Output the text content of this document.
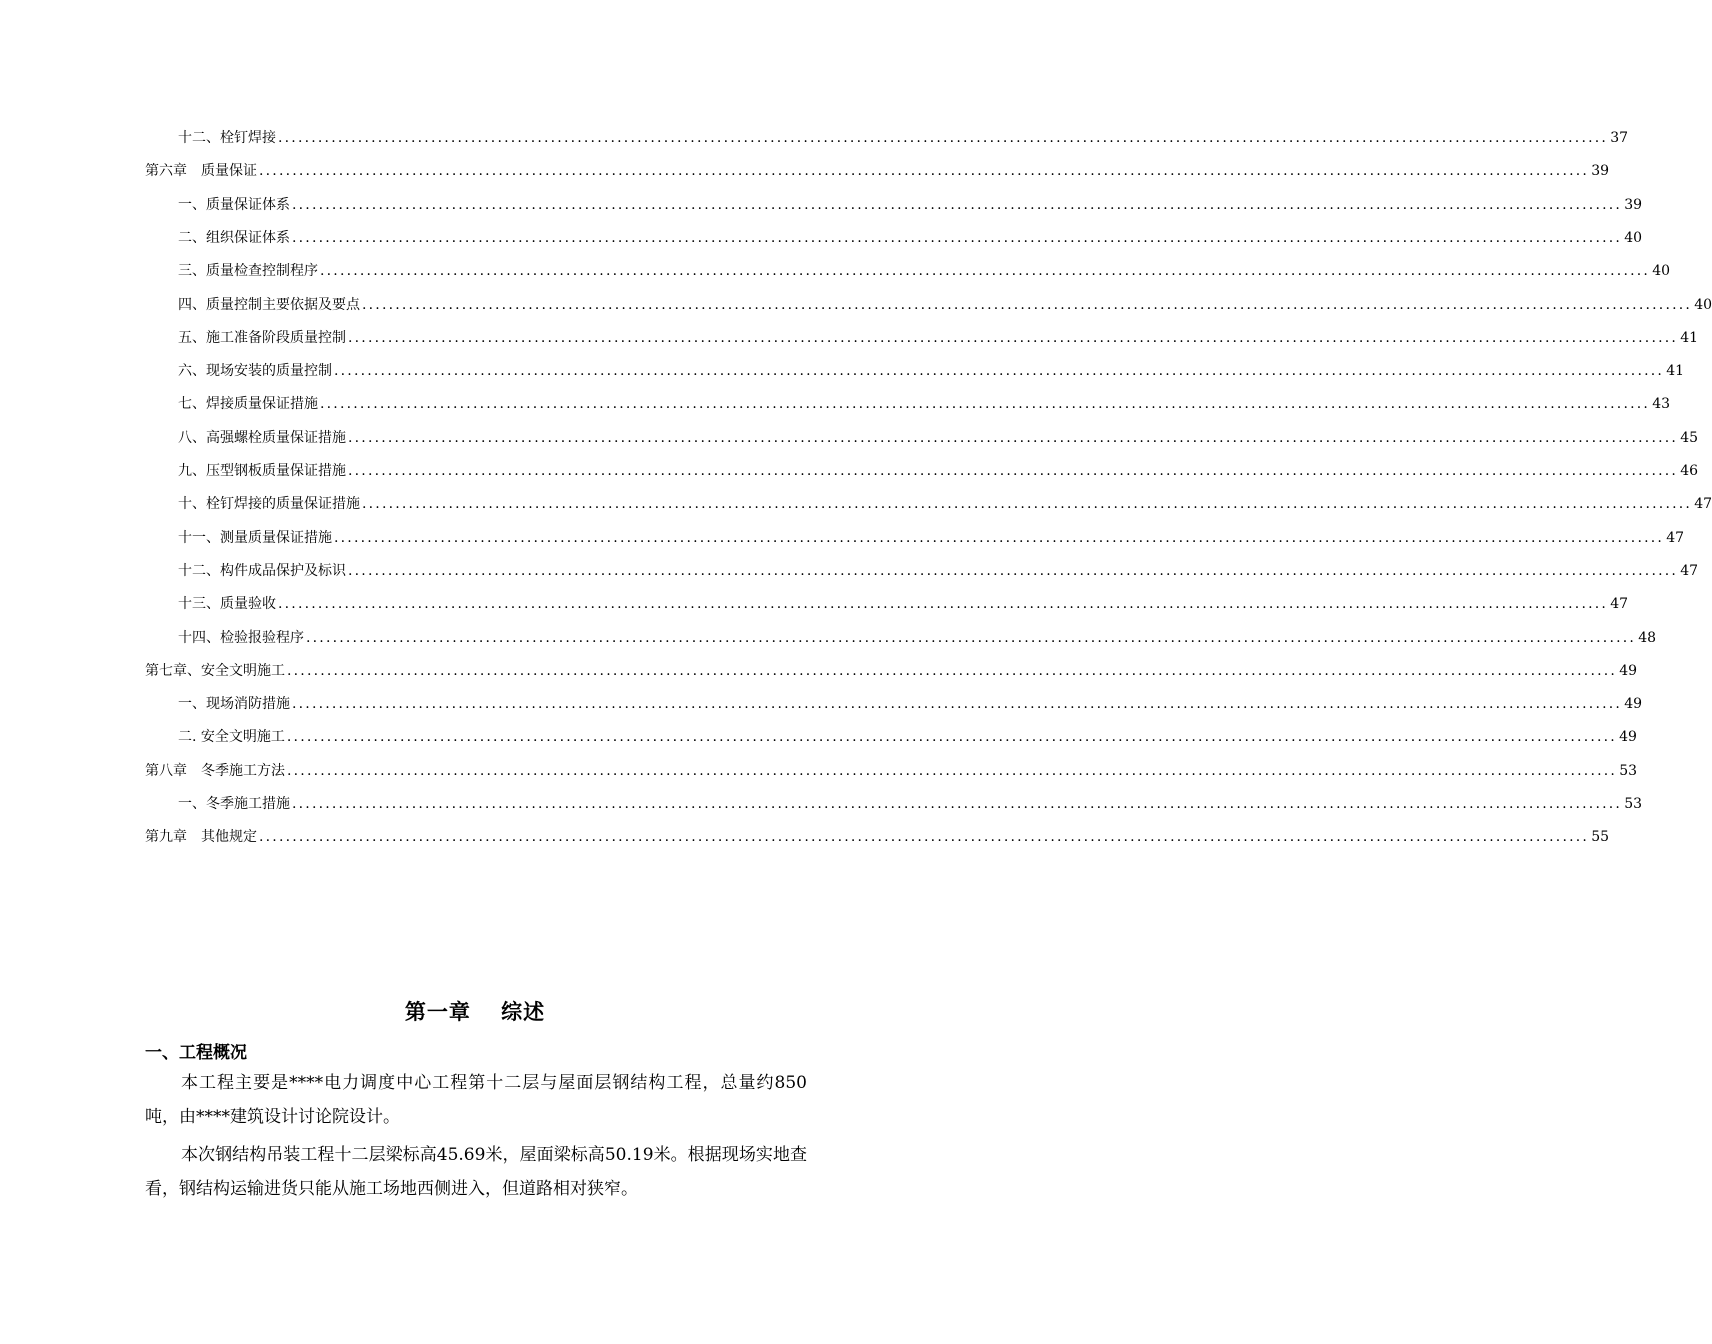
十二、栓钉焊接 ........................................................................................................................................................................................................ 37
第六章　质量保证 ........................................................................................................................................................................................................ 39
一、质量保证体系 ........................................................................................................................................................................................................ 39
二、组织保证体系 ........................................................................................................................................................................................................ 40
三、质量检查控制程序 ........................................................................................................................................................................................................ 40
四、质量控制主要依据及要点 ........................................................................................................................................................................................................ 40
五、施工准备阶段质量控制 ........................................................................................................................................................................................................ 41
六、现场安装的质量控制 ........................................................................................................................................................................................................ 41
七、焊接质量保证措施 ........................................................................................................................................................................................................ 43
八、高强螺栓质量保证措施 ........................................................................................................................................................................................................ 45
九、压型钢板质量保证措施 ........................................................................................................................................................................................................ 46
十、栓钉焊接的质量保证措施 ........................................................................................................................................................................................................ 47
十一、测量质量保证措施 ........................................................................................................................................................................................................ 47
十二、构件成品保护及标识 ........................................................................................................................................................................................................ 47
十三、质量验收 ........................................................................................................................................................................................................ 47
十四、检验报验程序 ........................................................................................................................................................................................................ 48
第七章、安全文明施工 ........................................................................................................................................................................................................ 49
一、现场消防措施 ........................................................................................................................................................................................................ 49
二. 安全文明施工 ........................................................................................................................................................................................................ 49
第八章　冬季施工方法 ........................................................................................................................................................................................................ 53
一、冬季施工措施 ........................................................................................................................................................................................................ 53
第九章　其他规定 ........................................................................................................................................................................................................ 55
第一章　 综述
一、工程概况
本工程主要是****电力调度中心工程第十二层与屋面层钢结构工程，总量约850吨，由****建筑设计讨论院设计。
本次钢结构吊装工程十二层梁标高45.69米，屋面梁标高50.19米。根据现场实地查看，钢结构运输进货只能从施工场地西侧进入，但道路相对狭窄。
